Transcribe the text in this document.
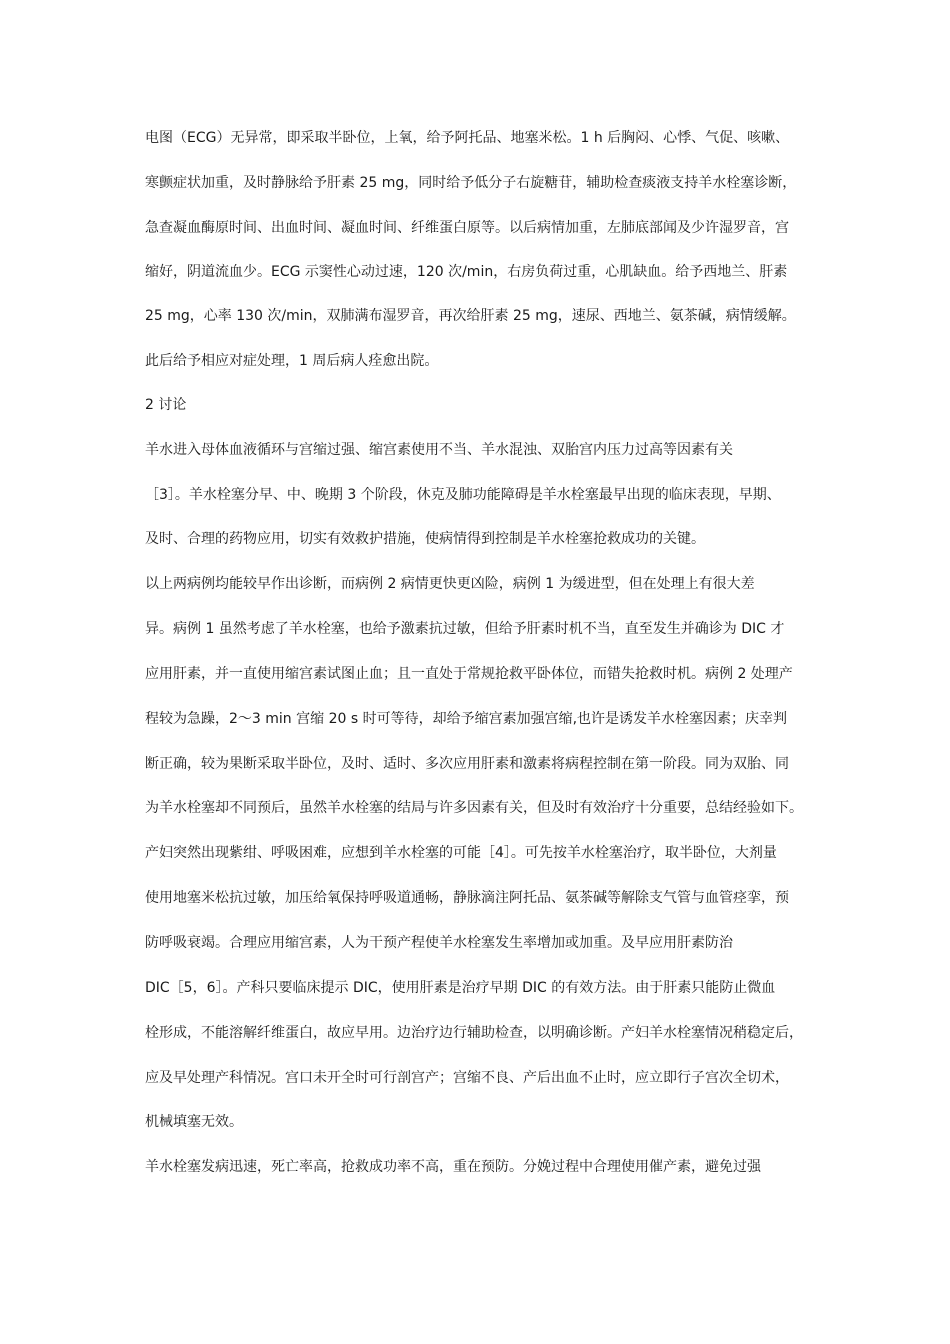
电图（ECG）无异常，即采取半卧位，上氧，给予阿托品、地塞米松。1 h 后胸闷、心悸、气促、咳嗽、
寒颤症状加重，及时静脉给予肝素 25 mg，同时给予低分子右旋糖苷，辅助检查痰液支持羊水栓塞诊断，
急查凝血酶原时间、出血时间、凝血时间、纤维蛋白原等。以后病情加重，左肺底部闻及少许湿罗音，宫
缩好，阴道流血少。ECG 示窦性心动过速，120 次/min，右房负荷过重，心肌缺血。给予西地兰、肝素
25 mg，心率 130 次/min，双肺满布湿罗音，再次给肝素 25 mg，速尿、西地兰、氨茶碱，病情缓解。
此后给予相应对症处理，1 周后病人痊愈出院。
2 讨论
羊水进入母体血液循环与宫缩过强、缩宫素使用不当、羊水混浊、双胎宫内压力过高等因素有关
［3］。羊水栓塞分早、中、晚期 3 个阶段，休克及肺功能障碍是羊水栓塞最早出现的临床表现，早期、
及时、合理的药物应用，切实有效救护措施，使病情得到控制是羊水栓塞抢救成功的关键。
以上两病例均能较早作出诊断，而病例 2 病情更快更凶险，病例 1 为缓进型，但在处理上有很大差
异。病例 1 虽然考虑了羊水栓塞，也给予激素抗过敏，但给予肝素时机不当，直至发生并确诊为 DIC 才
应用肝素，并一直使用缩宫素试图止血；且一直处于常规抢救平卧体位，而错失抢救时机。病例 2 处理产
程较为急躁，2～3 min 宫缩 20 s 时可等待，却给予缩宫素加强宫缩,也许是诱发羊水栓塞因素；庆幸判
断正确，较为果断采取半卧位，及时、适时、多次应用肝素和激素将病程控制在第一阶段。同为双胎、同
为羊水栓塞却不同预后，虽然羊水栓塞的结局与许多因素有关，但及时有效治疗十分重要，总结经验如下。
产妇突然出现紫绀、呼吸困难，应想到羊水栓塞的可能［4］。可先按羊水栓塞治疗，取半卧位，大剂量
使用地塞米松抗过敏，加压给氧保持呼吸道通畅，静脉滴注阿托品、氨茶碱等解除支气管与血管痉挛，预
防呼吸衰竭。合理应用缩宫素，人为干预产程使羊水栓塞发生率增加或加重。及早应用肝素防治
DIC［5，6］。产科只要临床提示 DIC，使用肝素是治疗早期 DIC 的有效方法。由于肝素只能防止微血
栓形成，不能溶解纤维蛋白，故应早用。边治疗边行辅助检查，以明确诊断。产妇羊水栓塞情况稍稳定后，
应及早处理产科情况。宫口未开全时可行剖宫产；宫缩不良、产后出血不止时，应立即行子宫次全切术，
机械填塞无效。
羊水栓塞发病迅速，死亡率高，抢救成功率不高，重在预防。分娩过程中合理使用催产素，避免过强
